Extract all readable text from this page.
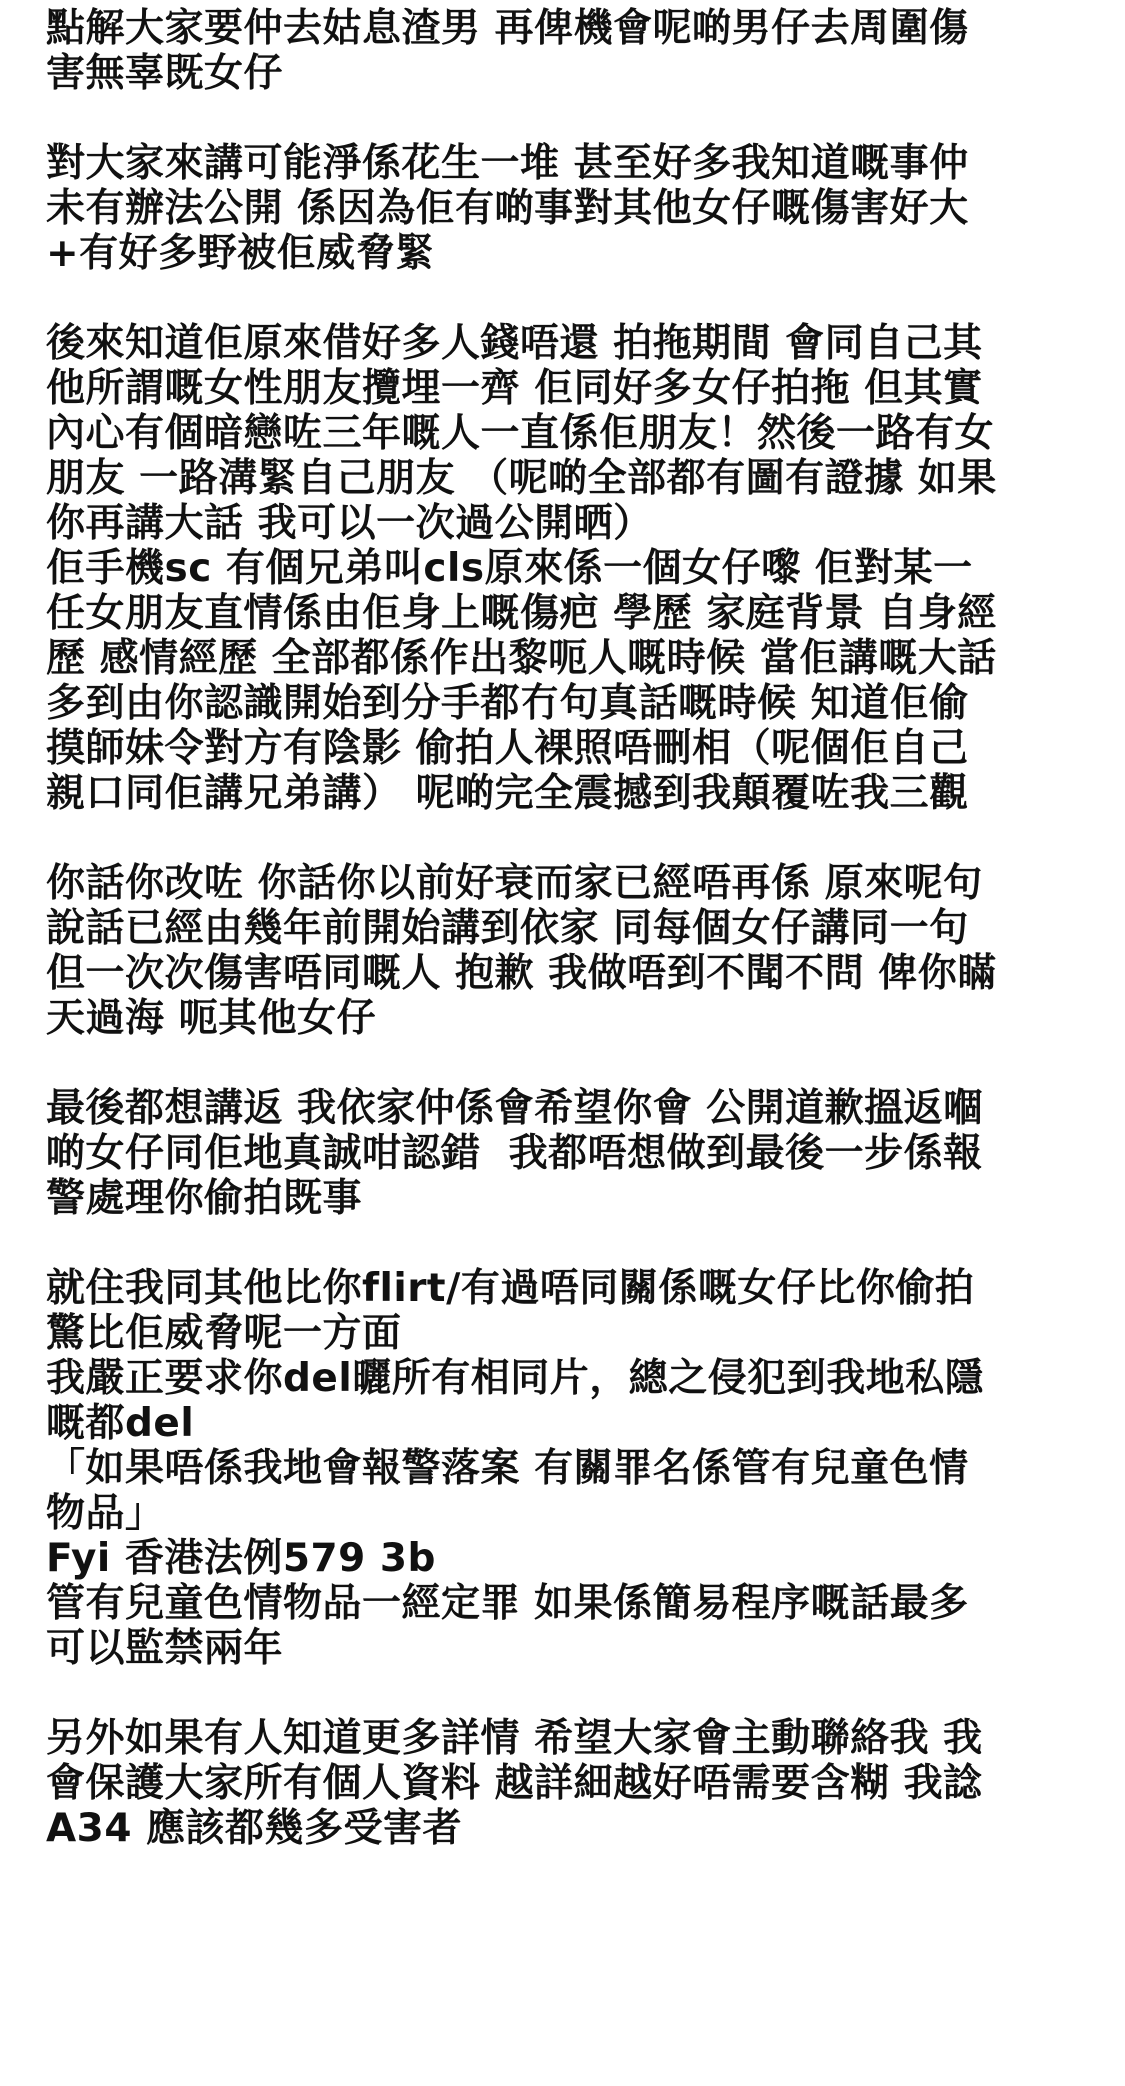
點解大家要仲去姑息渣男 再俾機會呢啲男仔去周圍傷
害無辜既女仔

對大家來講可能淨係花生一堆 甚至好多我知道嘅事仲
未有辦法公開 係因為佢有啲事對其他女仔嘅傷害好大
+有好多野被佢威脅緊

後來知道佢原來借好多人錢唔還 拍拖期間 會同自己其
他所謂嘅女性朋友攬埋一齊 佢同好多女仔拍拖 但其實
內心有個暗戀咗三年嘅人一直係佢朋友！然後一路有女
朋友 一路溝緊自己朋友 （呢啲全部都有圖有證據 如果
你再講大話 我可以一次過公開晒）

佢手機sc 有個兄弟叫cls原來係一個女仔嚟 佢對某一
任女朋友直情係由佢身上嘅傷疤 學歷 家庭背景 自身經
歷 感情經歷 全部都係作出黎呃人嘅時候 當佢講嘅大話
多到由你認識開始到分手都冇句真話嘅時候 知道佢偷
摸師妹令對方有陰影 偷拍人裸照唔刪相（呢個佢自己
親口同佢講兄弟講） 呢啲完全震撼到我顛覆咗我三觀

你話你改咗 你話你以前好衰而家已經唔再係 原來呢句
說話已經由幾年前開始講到依家 同每個女仔講同一句
但一次次傷害唔同嘅人 抱歉 我做唔到不聞不問 俾你瞞
天過海 呃其他女仔

最後都想講返 我依家仲係會希望你會 公開道歉搵返嗰
啲女仔同佢地真誠咁認錯  我都唔想做到最後一步係報
警處理你偷拍既事

就住我同其他比你flirt/有過唔同關係嘅女仔比你偷拍
驚比佢威脅呢一方面

我嚴正要求你del曬所有相同片，總之侵犯到我地私隱
嘅都del

「如果唔係我地會報警落案 有關罪名係管有兒童色情
物品」

Fyi 香港法例579 3b

管有兒童色情物品一經定罪 如果係簡易程序嘅話最多
可以監禁兩年

另外如果有人知道更多詳情 希望大家會主動聯絡我 我
會保護大家所有個人資料 越詳細越好唔需要含糊 我諗
A34 應該都幾多受害者
